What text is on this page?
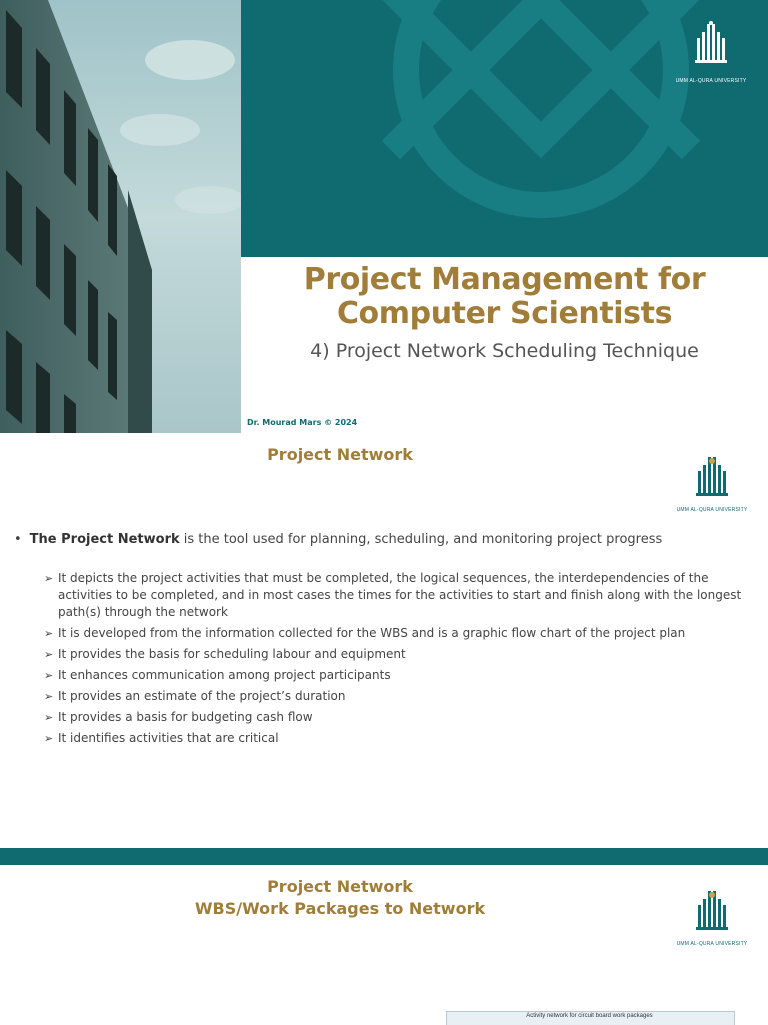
UMM AL-QURA UNIVERSITY
Project Management for
Computer Scientists
4) Project Network Scheduling Technique
Dr. Mourad Mars © 2024
Project Network
UMM AL-QURA UNIVERSITY
• The Project Network is the tool used for planning, scheduling, and monitoring project progress
➢ It depicts the project activities that must be completed, the logical sequences, the interdependencies of the activities to be completed, and in most cases the times for the activities to start and finish along with the longest path(s) through the network
➢ It is developed from the information collected for the WBS and is a graphic flow chart of the project plan
➢ It provides the basis for scheduling labour and equipment
➢ It enhances communication among project participants
➢ It provides an estimate of the project’s duration
➢ It provides a basis for budgeting cash flow
➢ It identifies activities that are critical
Project Network
WBS/Work Packages to Network
UMM AL-QURA UNIVERSITY
Activity network for circuit board work packages
